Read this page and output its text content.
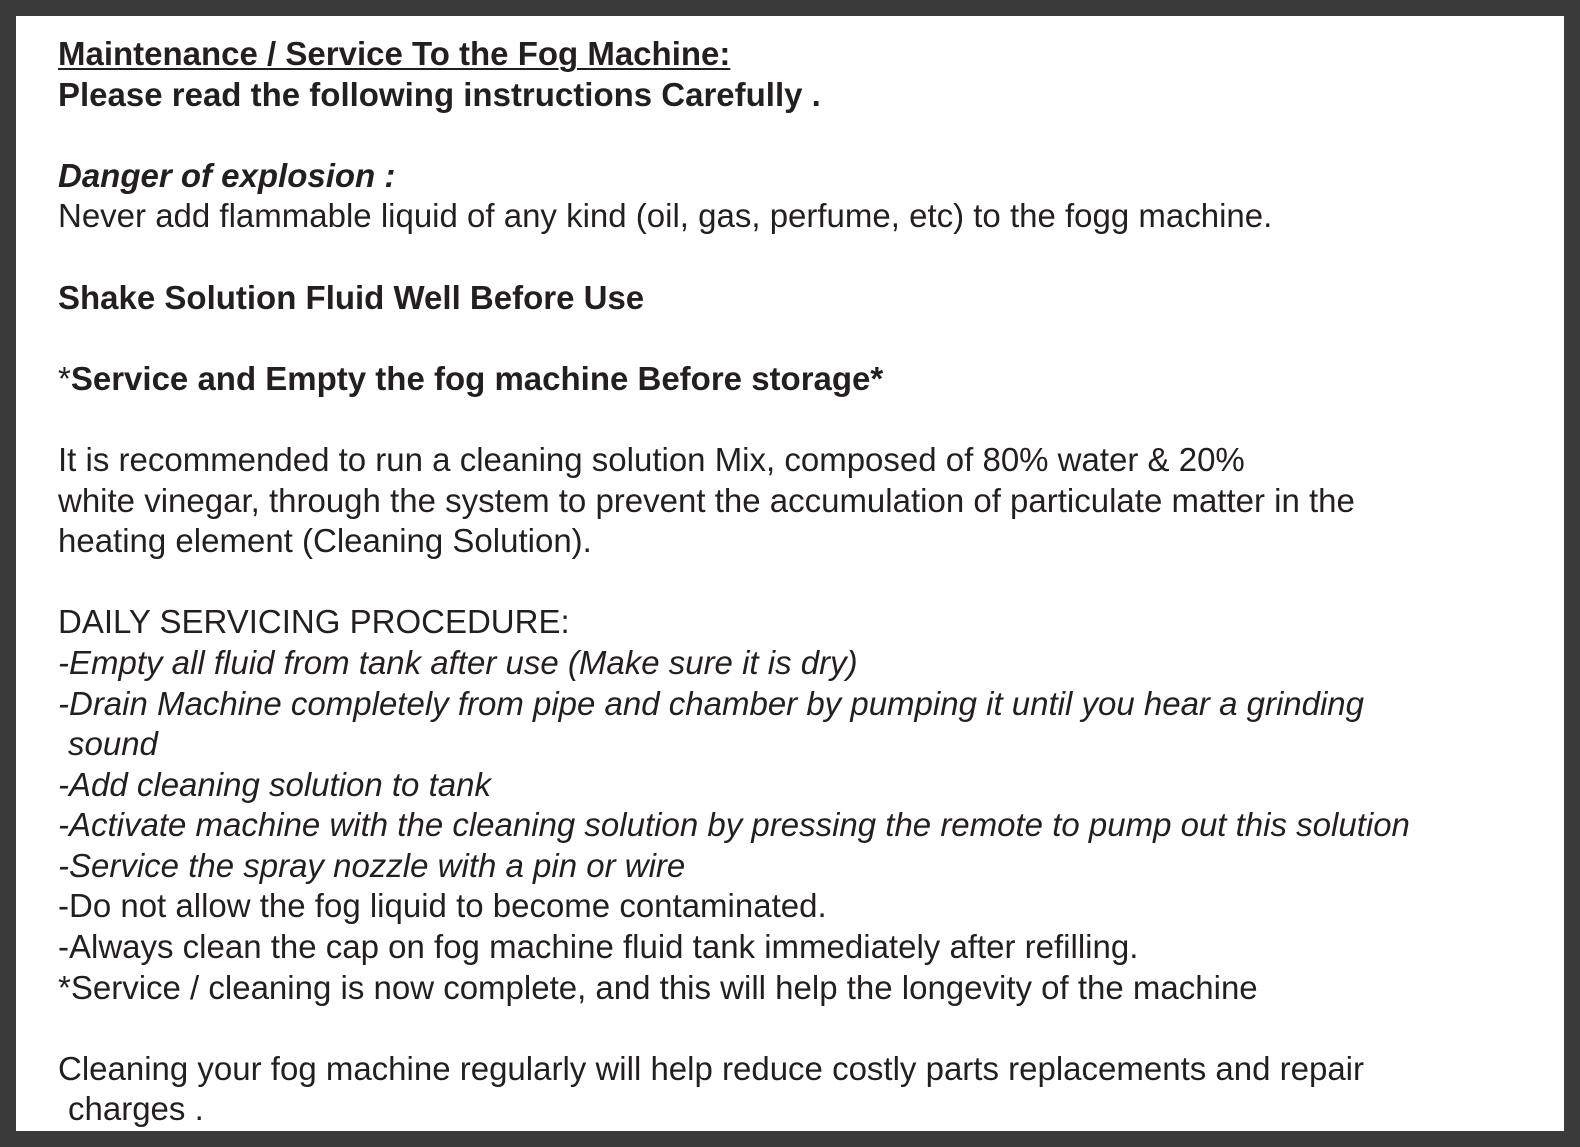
Maintenance / Service To the Fog Machine:
Please read the following instructions Carefully .
Danger of explosion :
Never add flammable liquid of any kind (oil, gas, perfume, etc) to the fogg machine.
Shake Solution Fluid Well Before Use
*Service and Empty the fog machine Before storage*
It is recommended to run a cleaning solution Mix, composed of 80% water & 20%
white vinegar, through the system to prevent the accumulation of particulate matter in the
heating element (Cleaning Solution).
DAILY SERVICING PROCEDURE:
-Empty all fluid from tank after use (Make sure it is dry)
-Drain Machine completely from pipe and chamber by pumping it until you hear a grinding
sound
-Add cleaning solution to tank
-Activate machine with the cleaning solution by pressing the remote to pump out this solution
-Service the spray nozzle with a pin or wire
-Do not allow the fog liquid to become contaminated.
-Always clean the cap on fog machine fluid tank immediately after refilling.
*Service / cleaning is now complete, and this will help the longevity of the machine
Cleaning your fog machine regularly will help reduce costly parts replacements and repair
charges .
